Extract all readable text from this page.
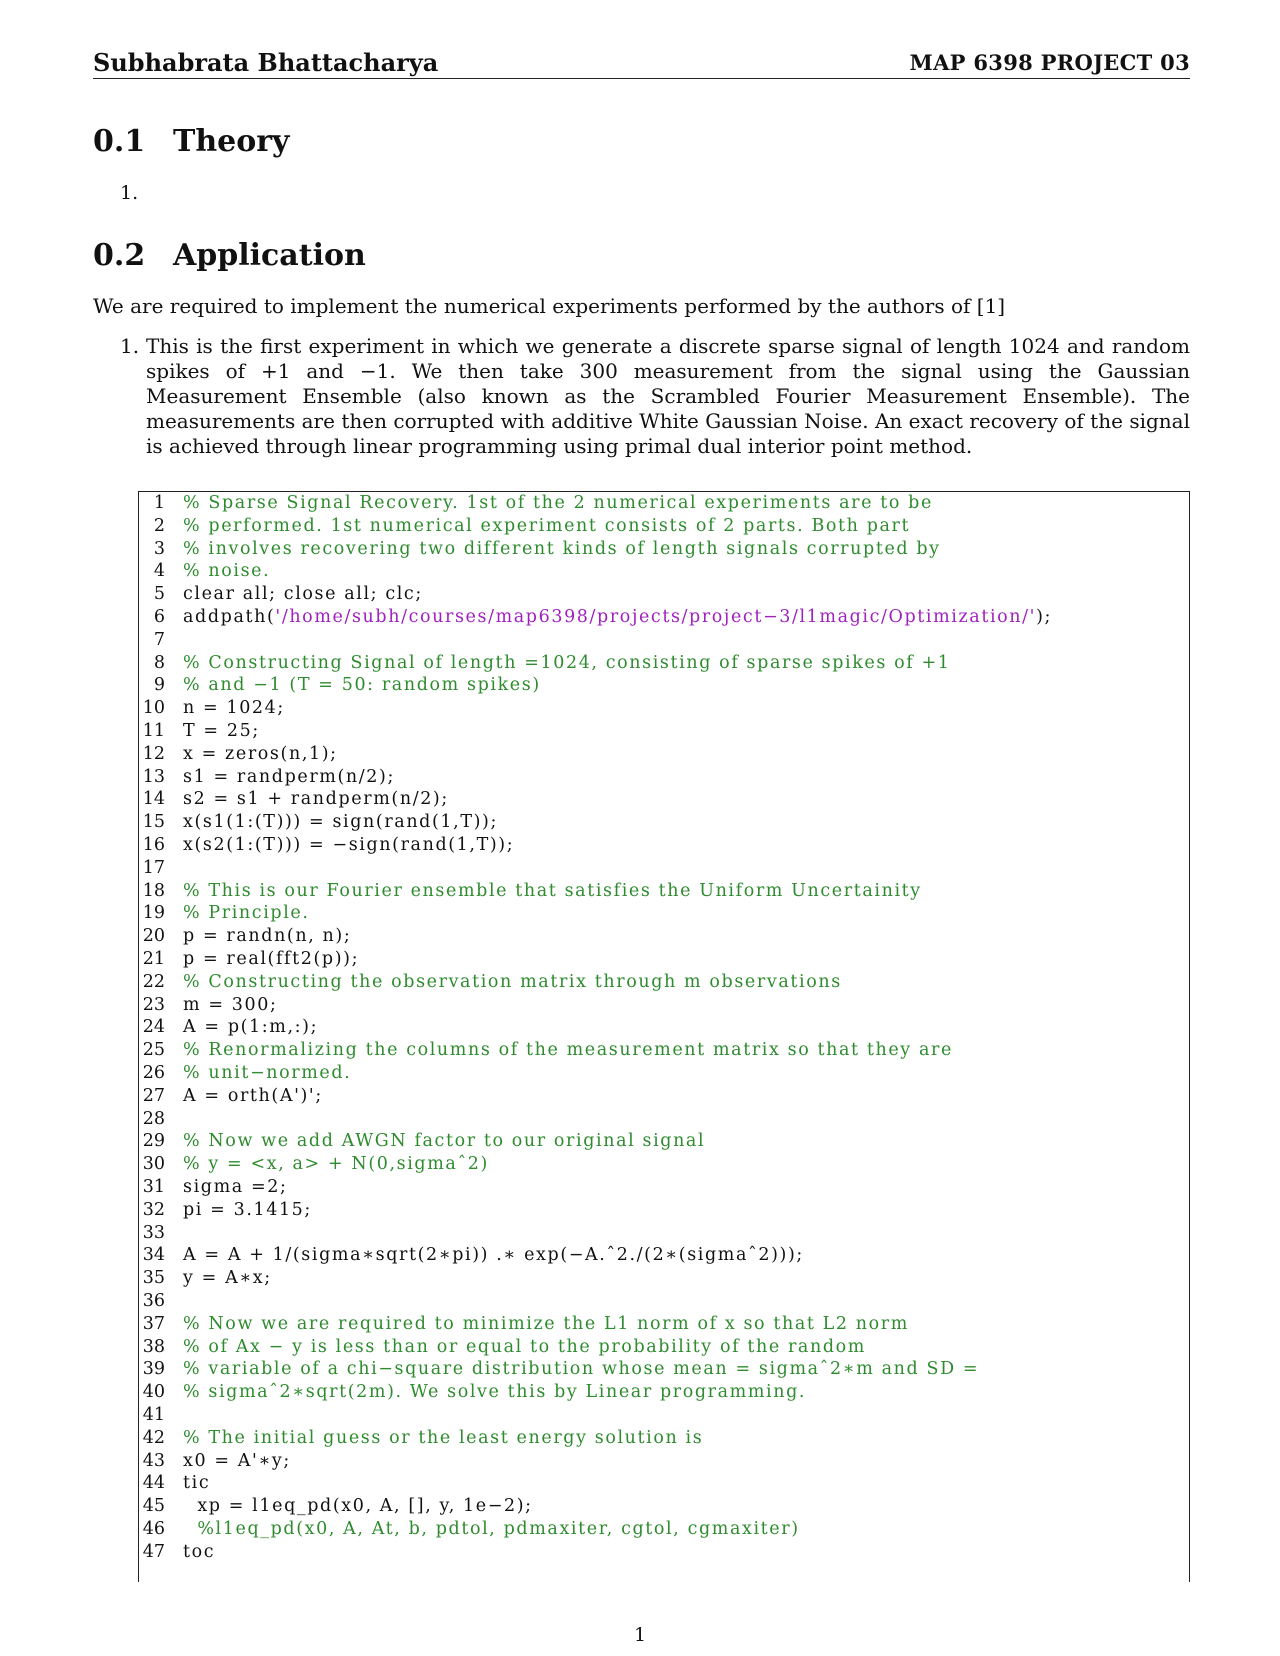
Subhabrata Bhattacharya	MAP 6398 PROJECT 03
0.1 Theory
1.
0.2 Application
We are required to implement the numerical experiments performed by the authors of [1]
1. This is the first experiment in which we generate a discrete sparse signal of length 1024 and random spikes of +1 and −1. We then take 300 measurement from the signal using the Gaussian Measurement Ensemble (also known as the Scrambled Fourier Measurement Ensemble). The measurements are then corrupted with additive White Gaussian Noise. An exact recovery of the signal is achieved through linear programming using primal dual interior point method.
1 % Sparse Signal Recovery. 1st of the 2 numerical experiments are to be
2 % performed. 1st numerical experiment consists of 2 parts. Both part
3 % involves recovering two different kinds of length signals corrupted by
4 % noise.
5 clear all; close all; clc;
6 addpath('/home/subh/courses/map6398/projects/project−3/l1magic/Optimization/');
7
8 % Constructing Signal of length =1024, consisting of sparse spikes of +1
9 % and −1 (T = 50: random spikes)
10 n = 1024;
11 T = 25;
12 x = zeros(n,1);
13 s1 = randperm(n/2);
14 s2 = s1 + randperm(n/2);
15 x(s1(1:(T))) = sign(rand(1,T));
16 x(s2(1:(T))) = −sign(rand(1,T));
17
18 % This is our Fourier ensemble that satisfies the Uniform Uncertainity
19 % Principle.
20 p = randn(n, n);
21 p = real(fft2(p));
22 % Constructing the observation matrix through m observations
23 m = 300;
24 A = p(1:m,:);
25 % Renormalizing the columns of the measurement matrix so that they are
26 % unit−normed.
27 A = orth(A')';
28
29 % Now we add AWGN factor to our original signal
30 % y = <x, a> + N(0,sigmaˆ2)
31 sigma =2;
32 pi = 3.1415;
33
34 A = A + 1/(sigma∗sqrt(2∗pi)) .∗ exp(−A.ˆ2./(2∗(sigmaˆ2)));
35 y = A∗x;
36
37 % Now we are required to minimize the L1 norm of x so that L2 norm
38 % of Ax − y is less than or equal to the probability of the random
39 % variable of a chi−square distribution whose mean = sigmaˆ2∗m and SD =
40 % sigmaˆ2∗sqrt(2m). We solve this by Linear programming.
41
42 % The initial guess or the least energy solution is
43 x0 = A'∗y;
44 tic
45 xp = l1eq_pd(x0, A, [], y, 1e−2);
46	%l1eq_pd(x0, A, At, b, pdtol, pdmaxiter, cgtol, cgmaxiter)
47 toc
1
